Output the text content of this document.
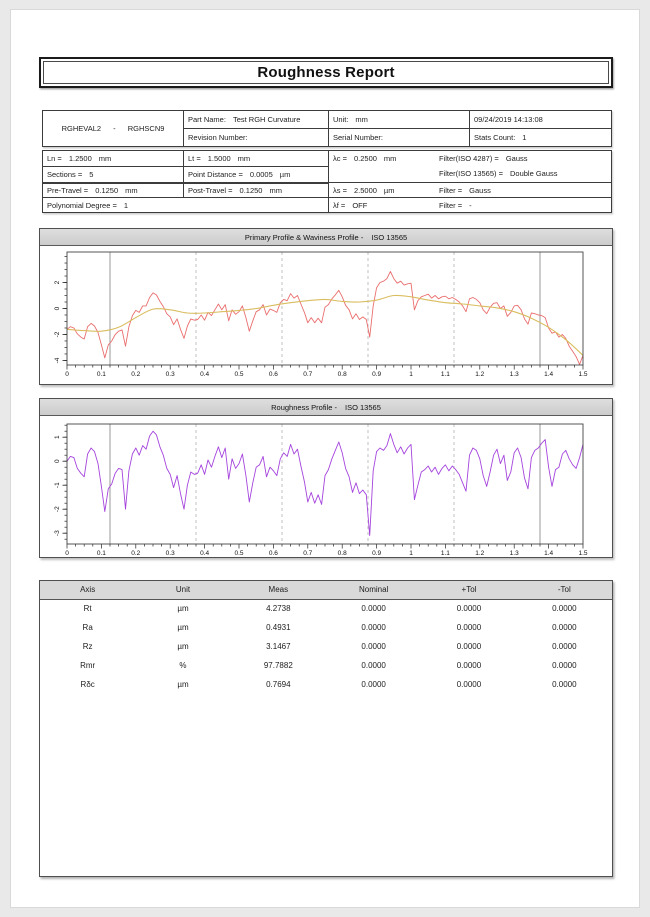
Roughness Report
RGHEVAL2 - RGHSCN9	Part Name: Test RGH Curvature	Unit: mm	09/24/2019 14:13:08
	Revision Number:	Serial Number:	Stats Count: 1
Ln = 1.2500 mm	Lt = 1.5000 mm	λc = 0.2500 mm Filter(ISO 4287) = Gauss
Filter(ISO 13565) = Double Gauss

Sections = 5	Point Distance = 0.0005 µm	
Pre-Travel = 0.1250 mm	Post-Travel = 0.1250 mm	λs = 2.5000 µm Filter = Gauss

Polynomial Degree = 1		λf = OFF Filter = -
Primary Profile & Waviness Profile - ISO 13565
0	0.1	0.2	0.3	0.4	0.5	0.6	0.7	0.8	0.9	1	1.1	1.2	1.3	1.4	1.5
2
0
-2
-4
Roughness Profile - ISO 13565
0	0.1	0.2	0.3	0.4	0.5	0.6	0.7	0.8	0.9	1	1.1	1.2	1.3	1.4	1.5
1
0
-1
-2
-3
Axis	Unit	Meas	Nominal	+Tol	-Tol
Rt	µm	4.2738	0.0000	0.0000	0.0000
Ra	µm	0.4931	0.0000	0.0000	0.0000
Rz	µm	3.1467	0.0000	0.0000	0.0000
Rmr	%	97.7882	0.0000	0.0000	0.0000
Rδc	µm	0.7694	0.0000	0.0000	0.0000
